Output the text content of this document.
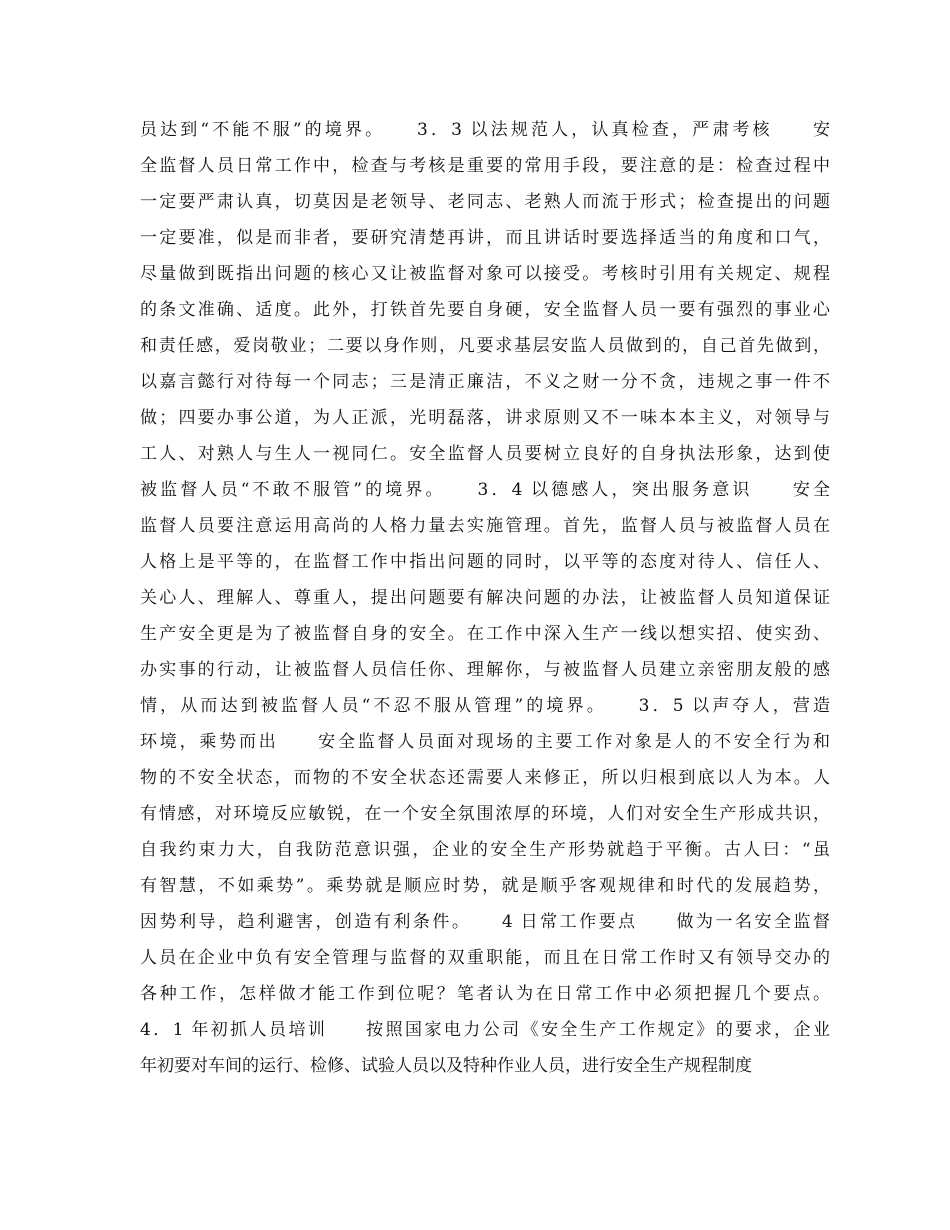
员达到“不能不服”的境界。　　3．3 以法规范人，认真检查，严肃考核　　安
全监督人员日常工作中，检查与考核是重要的常用手段，要注意的是：检查过程中
一定要严肃认真，切莫因是老领导、老同志、老熟人而流于形式；检查提出的问题
一定要准，似是而非者，要研究清楚再讲，而且讲话时要选择适当的角度和口气，
尽量做到既指出问题的核心又让被监督对象可以接受。考核时引用有关规定、规程
的条文准确、适度。此外，打铁首先要自身硬，安全监督人员一要有强烈的事业心
和责任感，爱岗敬业；二要以身作则，凡要求基层安监人员做到的，自己首先做到，
以嘉言懿行对待每一个同志；三是清正廉洁，不义之财一分不贪，违规之事一件不
做；四要办事公道，为人正派，光明磊落，讲求原则又不一味本本主义，对领导与
工人、对熟人与生人一视同仁。安全监督人员要树立良好的自身执法形象，达到使
被监督人员“不敢不服管”的境界。　　3．4 以德感人，突出服务意识　　安全
监督人员要注意运用高尚的人格力量去实施管理。首先，监督人员与被监督人员在
人格上是平等的，在监督工作中指出问题的同时，以平等的态度对待人、信任人、
关心人、理解人、尊重人，提出问题要有解决问题的办法，让被监督人员知道保证
生产安全更是为了被监督自身的安全。在工作中深入生产一线以想实招、使实劲、
办实事的行动，让被监督人员信任你、理解你，与被监督人员建立亲密朋友般的感
情，从而达到被监督人员“不忍不服从管理”的境界。　　3．5 以声夺人，营造
环境，乘势而出　　安全监督人员面对现场的主要工作对象是人的不安全行为和
物的不安全状态，而物的不安全状态还需要人来修正，所以归根到底以人为本。人
有情感，对环境反应敏锐，在一个安全氛围浓厚的环境，人们对安全生产形成共识，
自我约束力大，自我防范意识强，企业的安全生产形势就趋于平衡。古人曰：“虽
有智慧，不如乘势”。乘势就是顺应时势，就是顺乎客观规律和时代的发展趋势，
因势利导，趋利避害，创造有利条件。　　4 日常工作要点　　做为一名安全监督
人员在企业中负有安全管理与监督的双重职能，而且在日常工作时又有领导交办的
各种工作，怎样做才能工作到位呢？笔者认为在日常工作中必须把握几个要点。
4．1 年初抓人员培训　　按照国家电力公司《安全生产工作规定》的要求，企业
年初要对车间的运行、检修、试验人员以及特种作业人员，进行安全生产规程制度
